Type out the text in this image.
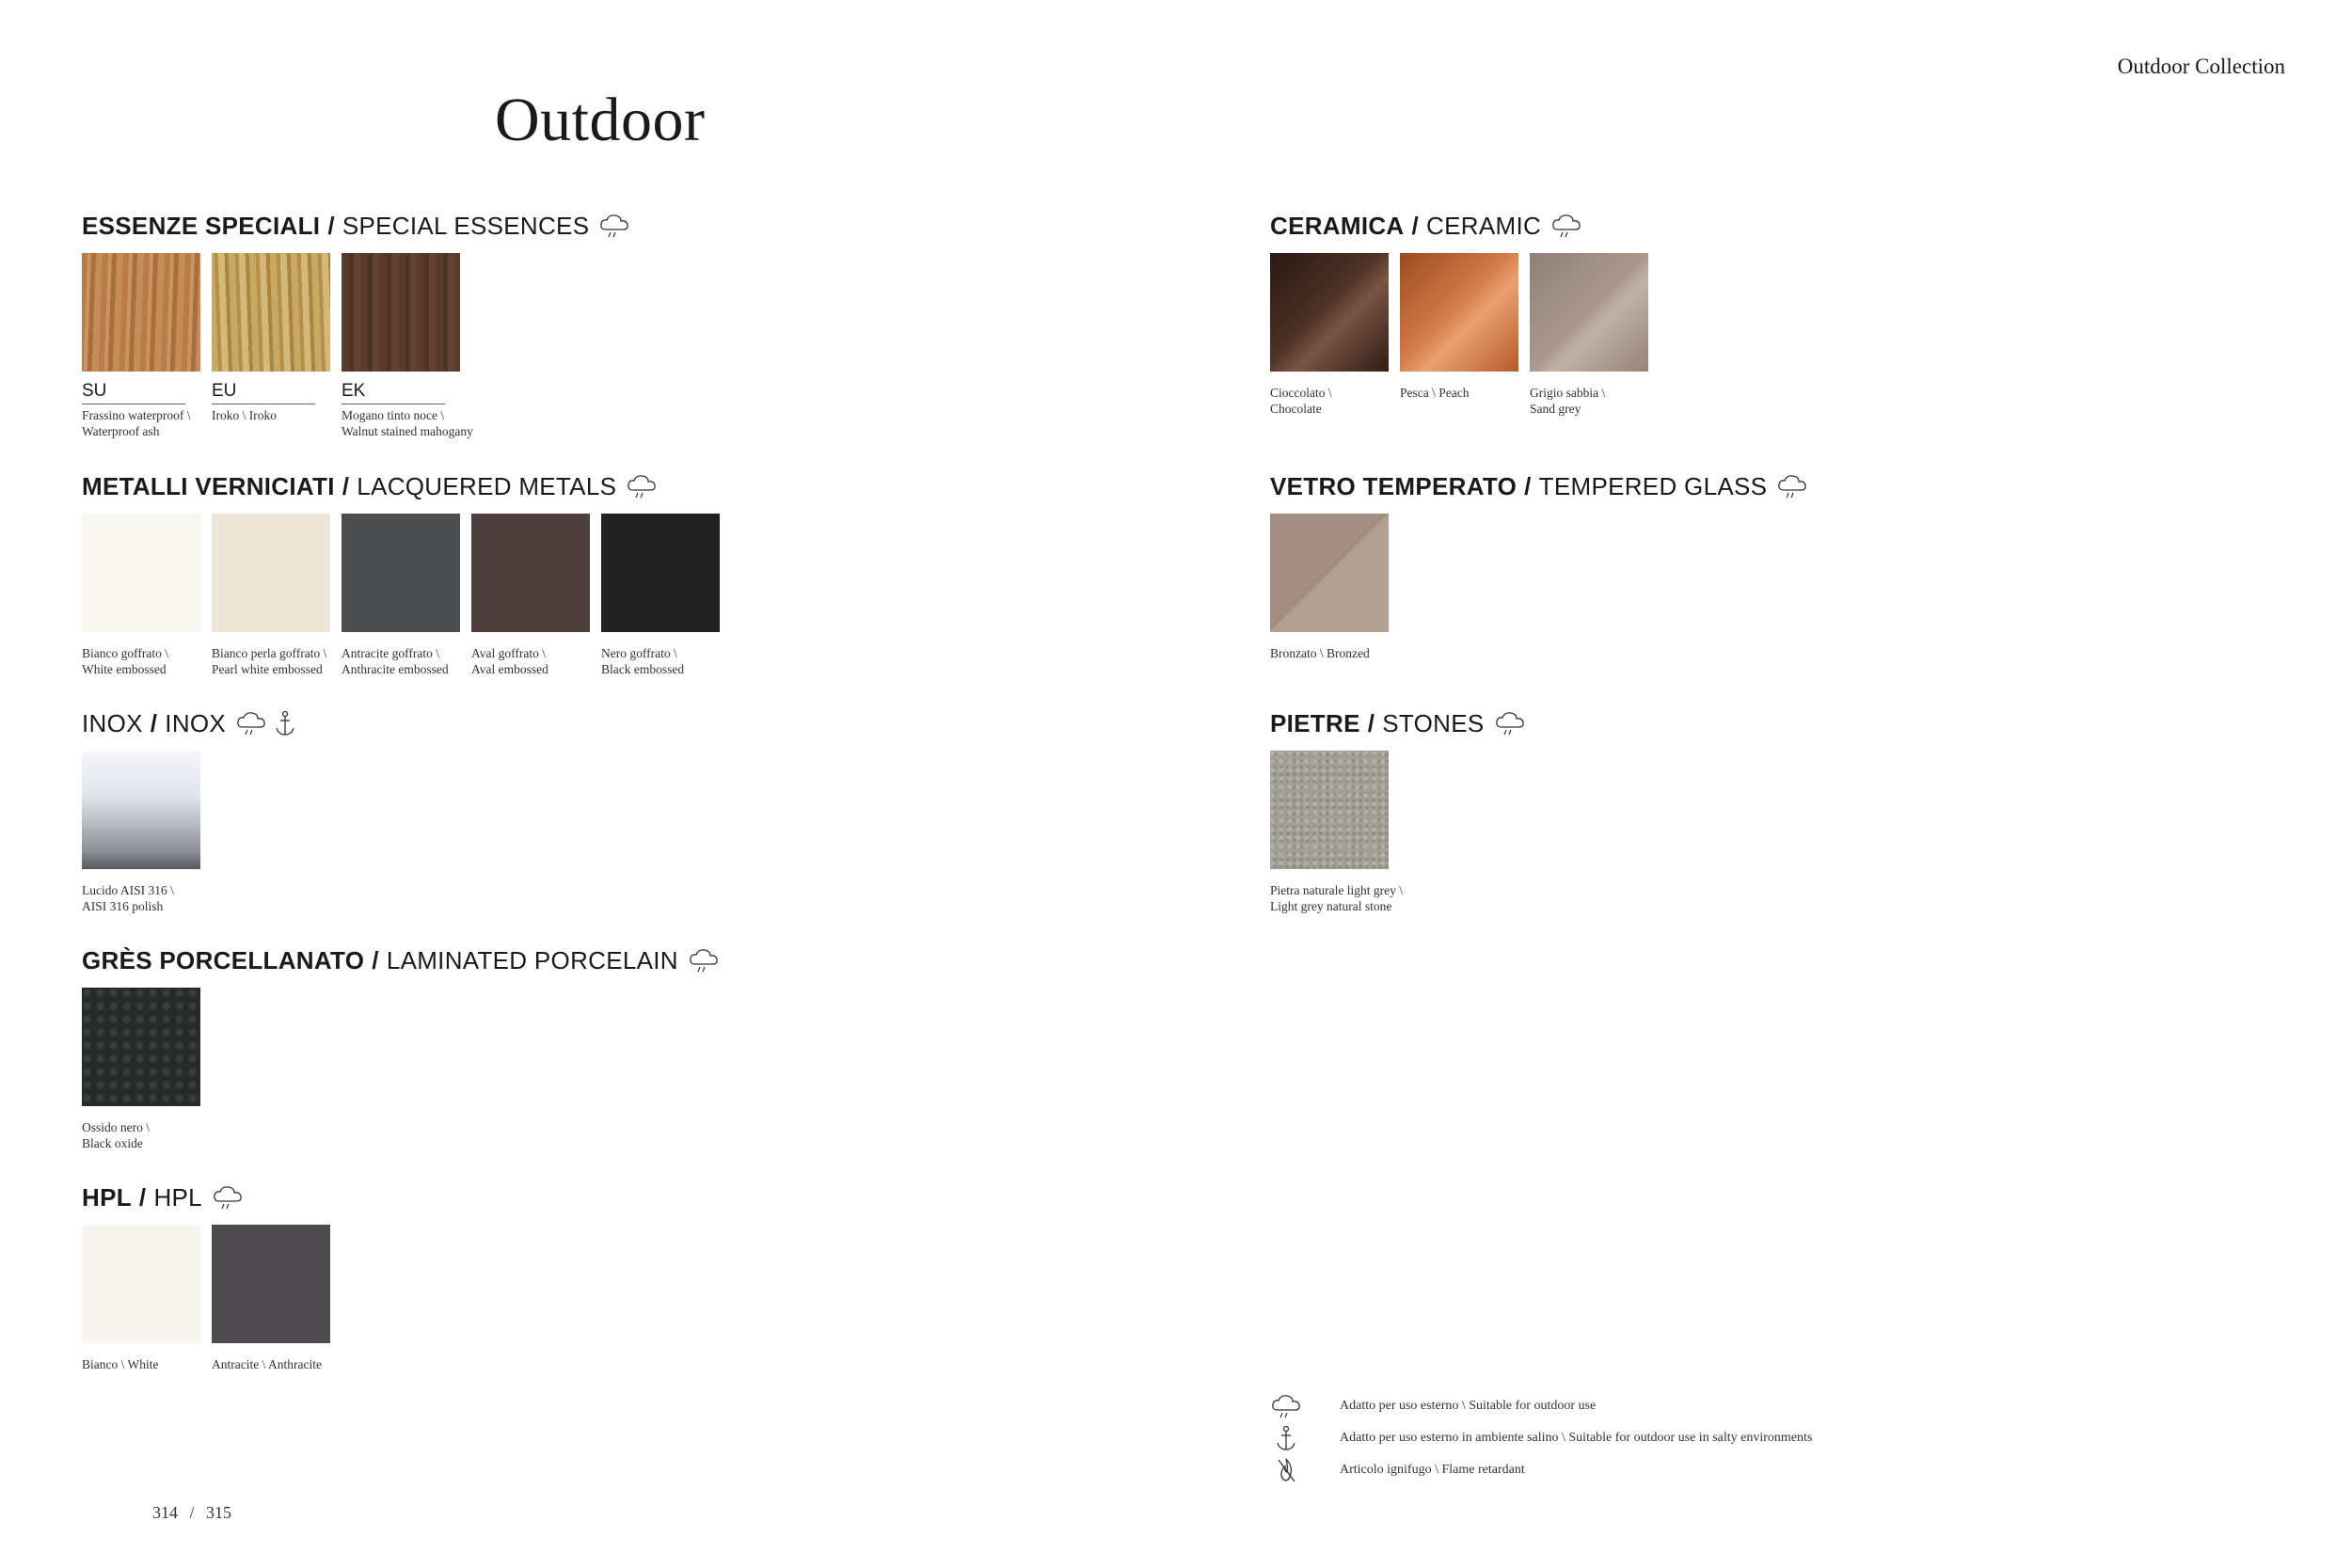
Outdoor Collection
Outdoor
ESSENZE SPECIALI / SPECIAL ESSENCES
SU
Frassino waterproof \
Waterproof ash
EU
Iroko \ Iroko
EK
Mogano tinto noce \
Walnut stained mahogany
METALLI VERNICIATI / LACQUERED METALS
Bianco goffrato \
White embossed
Bianco perla goffrato \
Pearl white embossed
Antracite goffrato \
Anthracite embossed
Aval goffrato \
Aval embossed
Nero goffrato \
Black embossed
INOX / INOX
Lucido AISI 316 \
AISI 316 polish
GRÈS PORCELLANATO / LAMINATED PORCELAIN
Ossido nero \
Black oxide
HPL / HPL
Bianco \ White	Antracite \ Anthracite
CERAMICA / CERAMIC
Cioccolato \
Chocolate
Pesca \ Peach	Grigio sabbia \
Sand grey
VETRO TEMPERATO / TEMPERED GLASS
Bronzato \ Bronzed
PIETRE / STONES
Pietra naturale light grey \
Light grey natural stone
Adatto per uso esterno \ Suitable for outdoor use
Adatto per uso esterno in ambiente salino \ Suitable for outdoor use in salty environments
Articolo ignifugo \ Flame retardant
314 / 315
